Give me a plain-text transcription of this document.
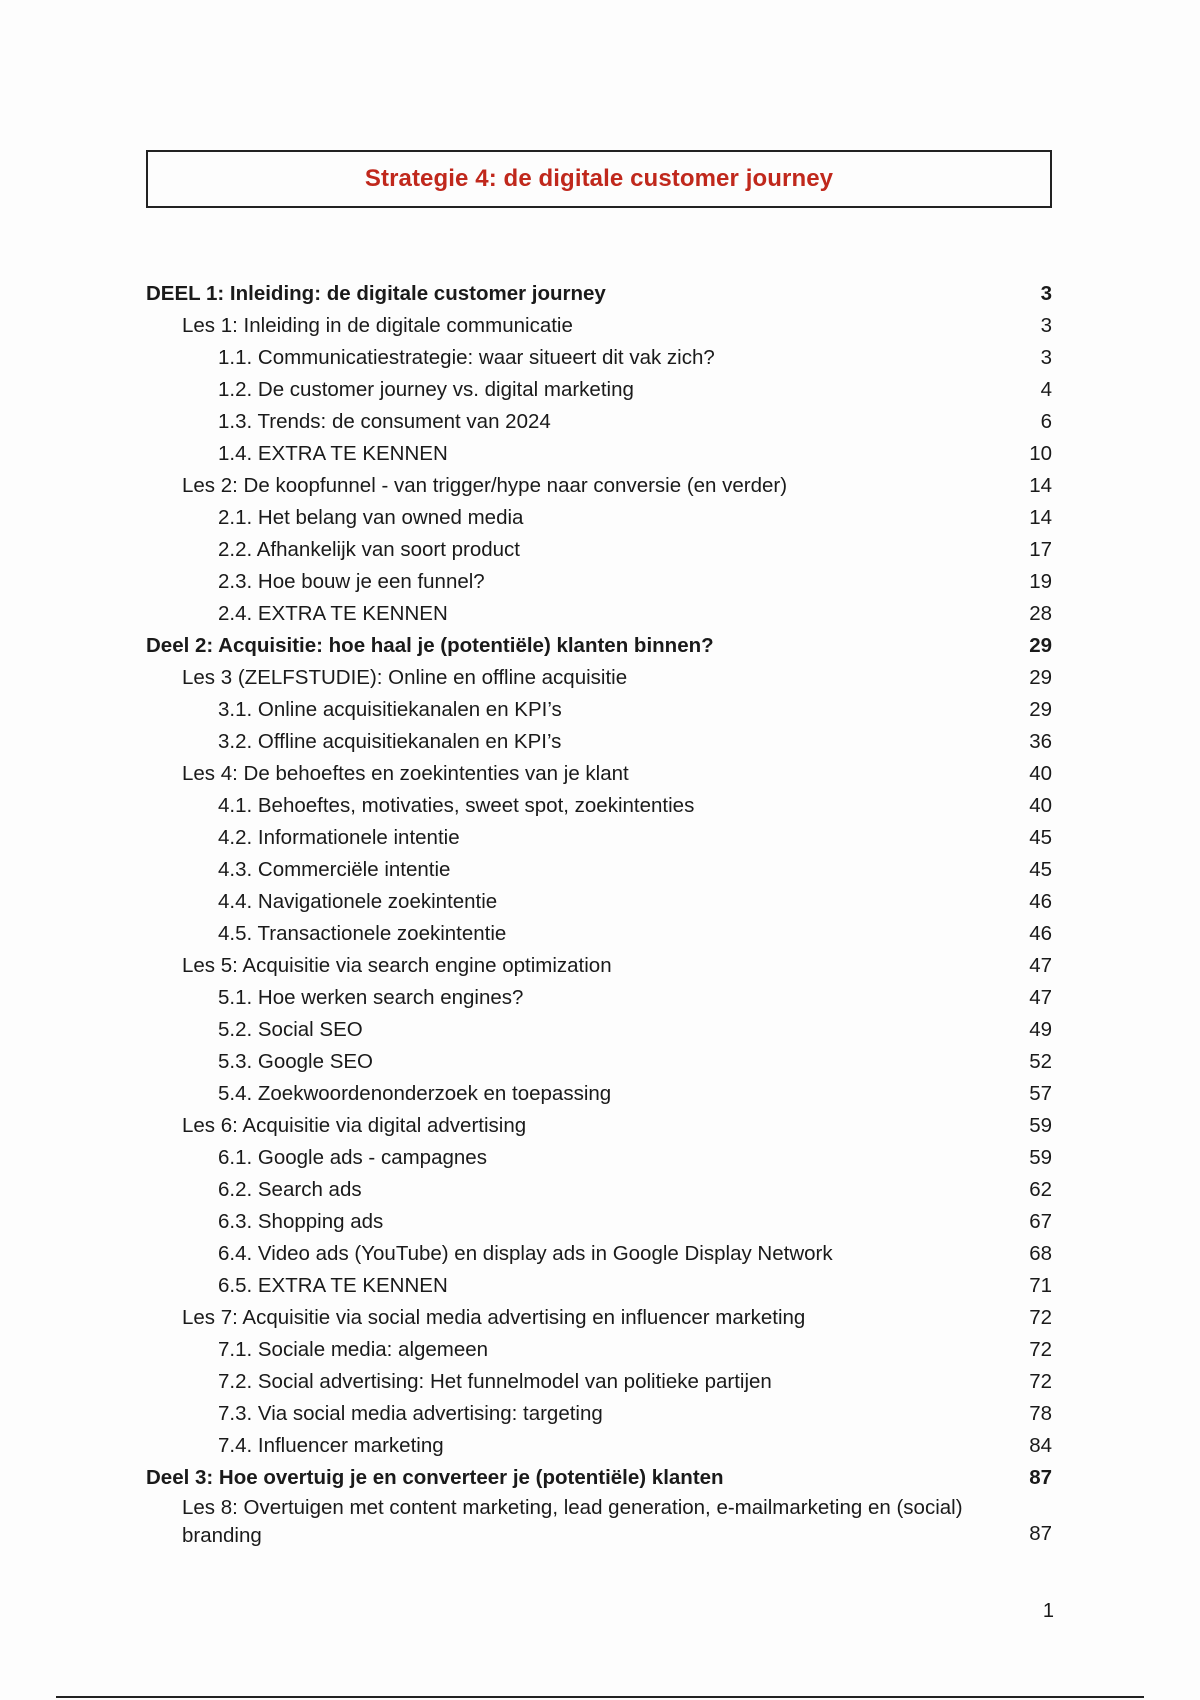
Strategie 4: de digitale customer journey
DEEL 1: Inleiding: de digitale customer journey	3
Les 1: Inleiding in de digitale communicatie	3
1.1. Communicatiestrategie: waar situeert dit vak zich?	3
1.2. De customer journey vs. digital marketing	4
1.3. Trends: de consument van 2024	6
1.4. EXTRA TE KENNEN	10
Les 2: De koopfunnel - van trigger/hype naar conversie (en verder)	14
2.1. Het belang van owned media	14
2.2. Afhankelijk van soort product	17
2.3. Hoe bouw je een funnel?	19
2.4. EXTRA TE KENNEN	28
Deel 2: Acquisitie: hoe haal je (potentiële) klanten binnen?	29
Les 3 (ZELFSTUDIE): Online en offline acquisitie	29
3.1. Online acquisitiekanalen en KPI’s	29
3.2. Offline acquisitiekanalen en KPI’s	36
Les 4: De behoeftes en zoekintenties van je klant	40
4.1. Behoeftes, motivaties, sweet spot, zoekintenties	40
4.2. Informationele intentie	45
4.3. Commerciële intentie	45
4.4. Navigationele zoekintentie	46
4.5. Transactionele zoekintentie	46
Les 5: Acquisitie via search engine optimization	47
5.1. Hoe werken search engines?	47
5.2. Social SEO	49
5.3. Google SEO	52
5.4. Zoekwoordenonderzoek en toepassing	57
Les 6: Acquisitie via digital advertising	59
6.1. Google ads - campagnes	59
6.2. Search ads	62
6.3. Shopping ads	67
6.4. Video ads (YouTube) en display ads in Google Display Network	68
6.5. EXTRA TE KENNEN	71
Les 7: Acquisitie via social media advertising en influencer marketing	72
7.1. Sociale media: algemeen	72
7.2. Social advertising: Het funnelmodel van politieke partijen	72
7.3. Via social media advertising: targeting	78
7.4. Influencer marketing	84
Deel 3: Hoe overtuig je en converteer je (potentiële) klanten	87
Les 8: Overtuigen met content marketing, lead generation, e-mailmarketing en (social) branding	87
1
